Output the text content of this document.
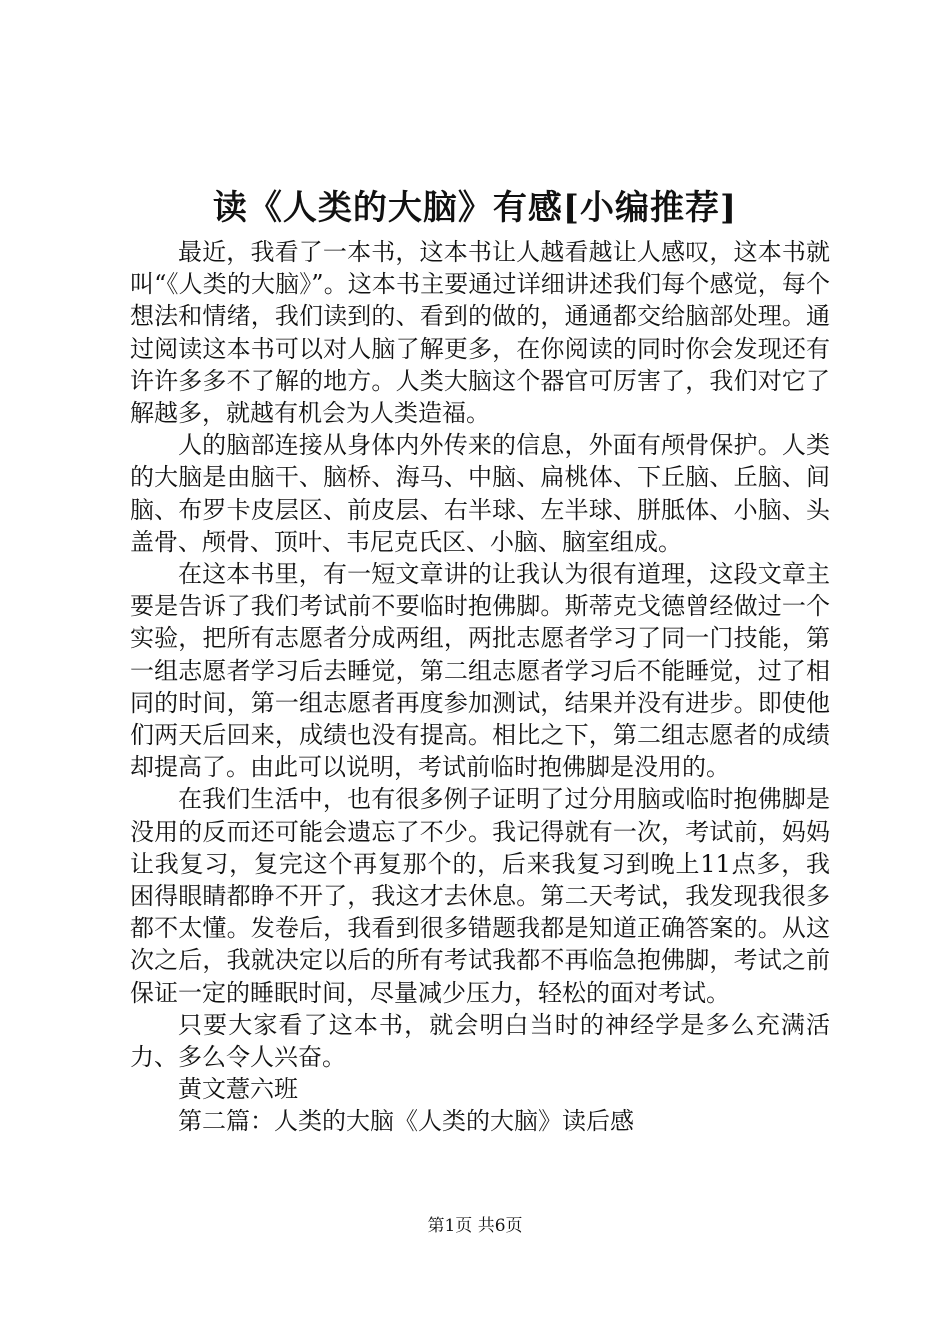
读《人类的大脑》有感[小编推荐]

最近，我看了一本书，这本书让人越看越让人感叹，这本书就叫“《人类的大脑》”。这本书主要通过详细讲述我们每个感觉，每个想法和情绪，我们读到的、看到的做的，通通都交给脑部处理。通过阅读这本书可以对人脑了解更多，在你阅读的同时你会发现还有许许多多不了解的地方。人类大脑这个器官可厉害了，我们对它了解越多，就越有机会为人类造福。

人的脑部连接从身体内外传来的信息，外面有颅骨保护。人类的大脑是由脑干、脑桥、海马、中脑、扁桃体、下丘脑、丘脑、间脑、布罗卡皮层区、前皮层、右半球、左半球、胼胝体、小脑、头盖骨、颅骨、顶叶、韦尼克氏区、小脑、脑室组成。

在这本书里，有一短文章讲的让我认为很有道理，这段文章主要是告诉了我们考试前不要临时抱佛脚。斯蒂克戈德曾经做过一个实验，把所有志愿者分成两组，两批志愿者学习了同一门技能，第一组志愿者学习后去睡觉，第二组志愿者学习后不能睡觉，过了相同的时间，第一组志愿者再度参加测试，结果并没有进步。即使他们两天后回来，成绩也没有提高。相比之下，第二组志愿者的成绩却提高了。由此可以说明，考试前临时抱佛脚是没用的。

在我们生活中，也有很多例子证明了过分用脑或临时抱佛脚是没用的反而还可能会遗忘了不少。我记得就有一次，考试前，妈妈让我复习，复完这个再复那个的，后来我复习到晚上11点多，我困得眼睛都睁不开了，我这才去休息。第二天考试，我发现我很多都不太懂。发卷后，我看到很多错题我都是知道正确答案的。从这次之后，我就决定以后的所有考试我都不再临急抱佛脚，考试之前保证一定的睡眠时间，尽量减少压力，轻松的面对考试。

只要大家看了这本书，就会明白当时的神经学是多么充满活力、多么令人兴奋。

黄文薏六班

第二篇：人类的大脑《人类的大脑》读后感

第1页 共6页
